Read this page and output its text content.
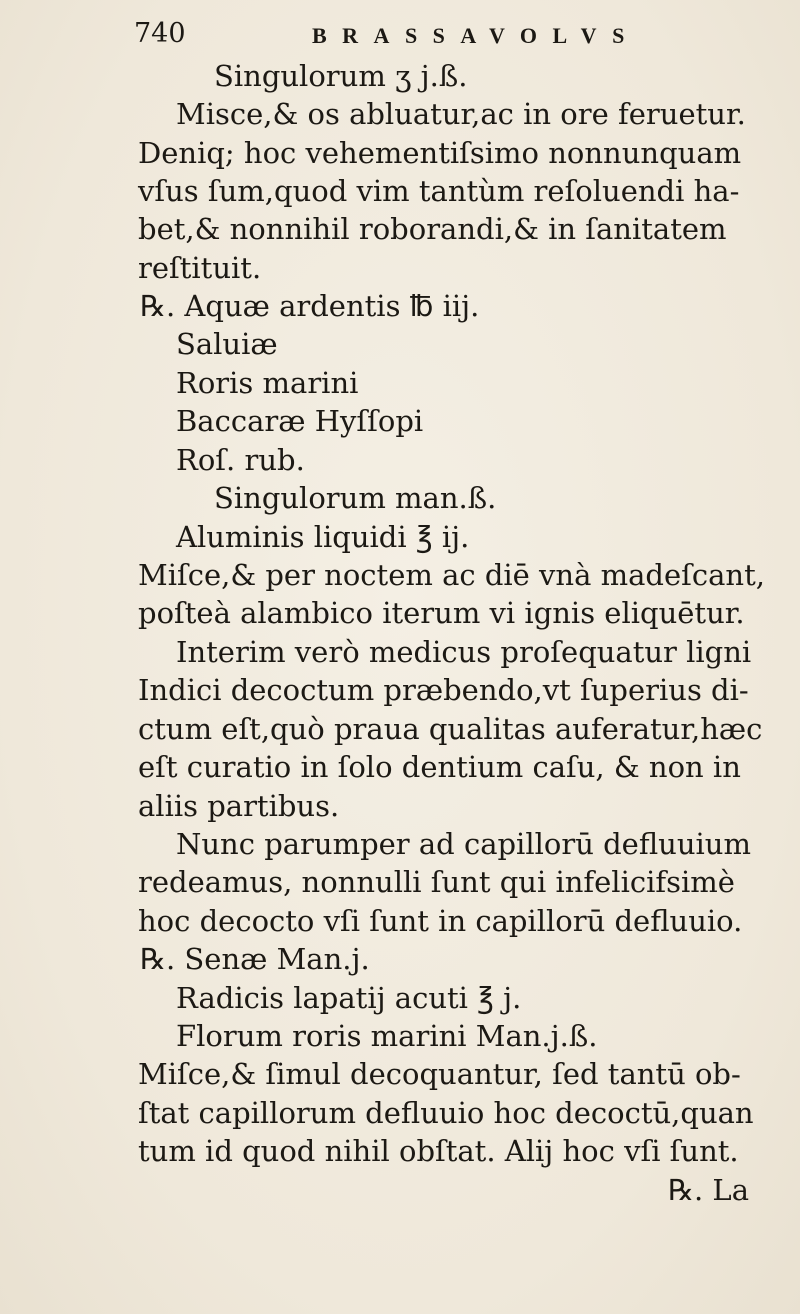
740	BRASSAVOLVS
Singulorum ʒ j.ß.
Misce,& os abluatur,ac in ore feruetur.
Deniq; hoc vehementiſsimo nonnunquam
vſus ſum,quod vim tantùm reſoluendi ha-
bet,& nonnihil roborandi,& in ſanitatem
reſtituit.
℞. Aquæ ardentis ℔ iij.
Saluiæ
Roris marini
Baccaræ Hyſſopi
Roſ. rub.
Singulorum man.ß.
Aluminis liquidi ℥ ij.
Miſce,& per noctem ac diē vnà madeſcant,
poſteà alambico iterum vi ignis eliquētur.
Interim verò medicus proſequatur ligni
Indici decoctum præbendo,vt ſuperius di-
ctum eſt,quò praua qualitas auferatur,hæc
eſt curatio in ſolo dentium caſu, & non in
aliis partibus.
Nunc parumper ad capillorū defluuium
redeamus, nonnulli ſunt qui infelicifsimè
hoc decocto vſi ſunt in capillorū defluuio.
℞. Senæ Man.j.
Radicis lapatij acuti ℥ j.
Florum roris marini Man.j.ß.
Miſce,& ſimul decoquantur, ſed tantū ob-
ſtat capillorum defluuio hoc decoctū,quan
tum id quod nihil obſtat. Alij hoc vſi ſunt.
℞. La
